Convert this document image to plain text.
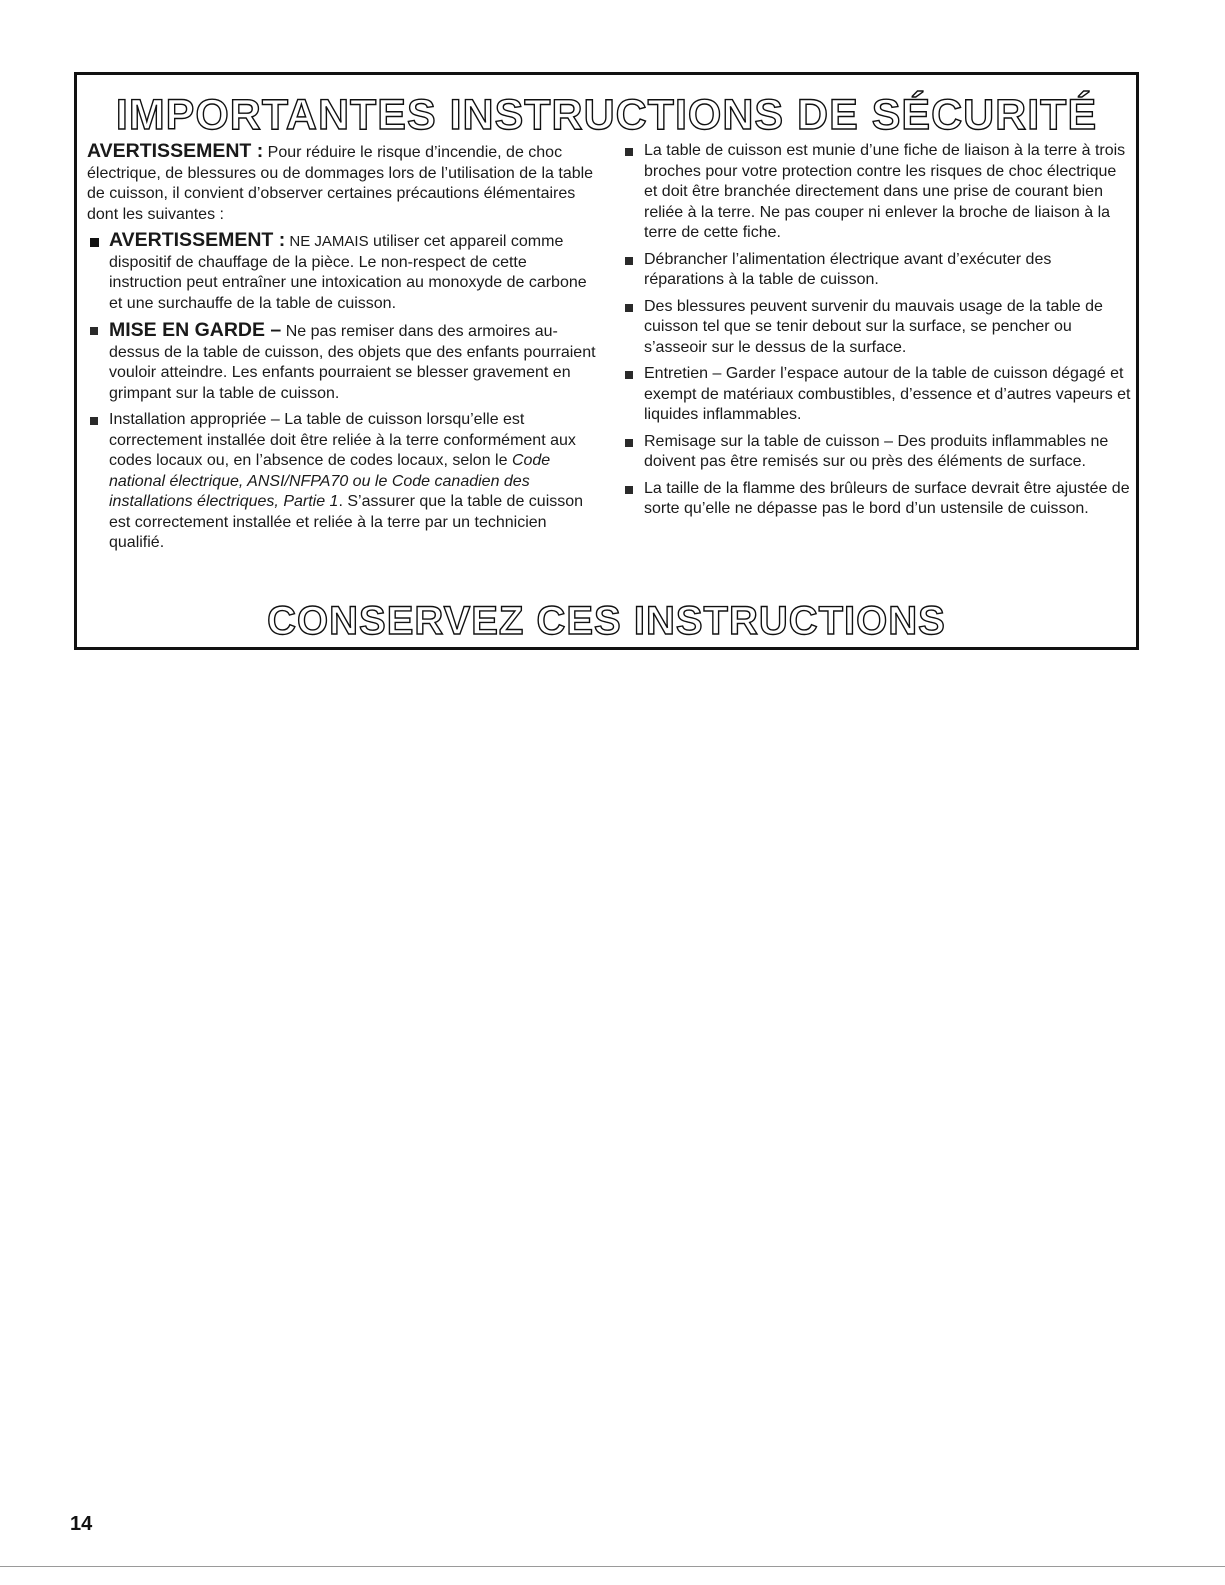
IMPORTANTES INSTRUCTIONS DE SÉCURITÉ

AVERTISSEMENT : Pour réduire le risque d’incendie, de choc électrique, de blessures ou de dommages lors de l’utilisation de la table de cuisson, il convient d’observer certaines précautions élémentaires dont les suivantes :

AVERTISSEMENT : NE JAMAIS utiliser cet appareil comme dispositif de chauffage de la pièce. Le non-respect de cette instruction peut entraîner une intoxication au monoxyde de carbone et une surchauffe de la table de cuisson.
MISE EN GARDE – Ne pas remiser dans des armoires au-dessus de la table de cuisson, des objets que des enfants pourraient vouloir atteindre. Les enfants pourraient se blesser gravement en grimpant sur la table de cuisson.
Installation appropriée – La table de cuisson lorsqu’elle est correctement installée doit être reliée à la terre conformément aux codes locaux ou, en l’absence de codes locaux, selon le Code national électrique, ANSI/NFPA70 ou le Code canadien des installations électriques, Partie 1. S’assurer que la table de cuisson est correctement installée et reliée à la terre par un technicien qualifié.
La table de cuisson est munie d’une fiche de liaison à la terre à trois broches pour votre protection contre les risques de choc électrique et doit être branchée directement dans une prise de courant bien reliée à la terre. Ne pas couper ni enlever la broche de liaison à la terre de cette fiche.
Débrancher l’alimentation électrique avant d’exécuter des réparations à la table de cuisson.
Des blessures peuvent survenir du mauvais usage de la table de cuisson tel que se tenir debout sur la surface, se pencher ou s’asseoir sur le dessus de la surface.
Entretien – Garder l’espace autour de la table de cuisson dégagé et exempt de matériaux combustibles, d’essence et d’autres vapeurs et liquides inflammables.
Remisage sur la table de cuisson – Des produits inflammables ne doivent pas être remisés sur ou près des éléments de surface.
La taille de la flamme des brûleurs de surface devrait être ajustée de sorte qu’elle ne dépasse pas le bord d’un ustensile de cuisson.
CONSERVEZ CES INSTRUCTIONS
14
